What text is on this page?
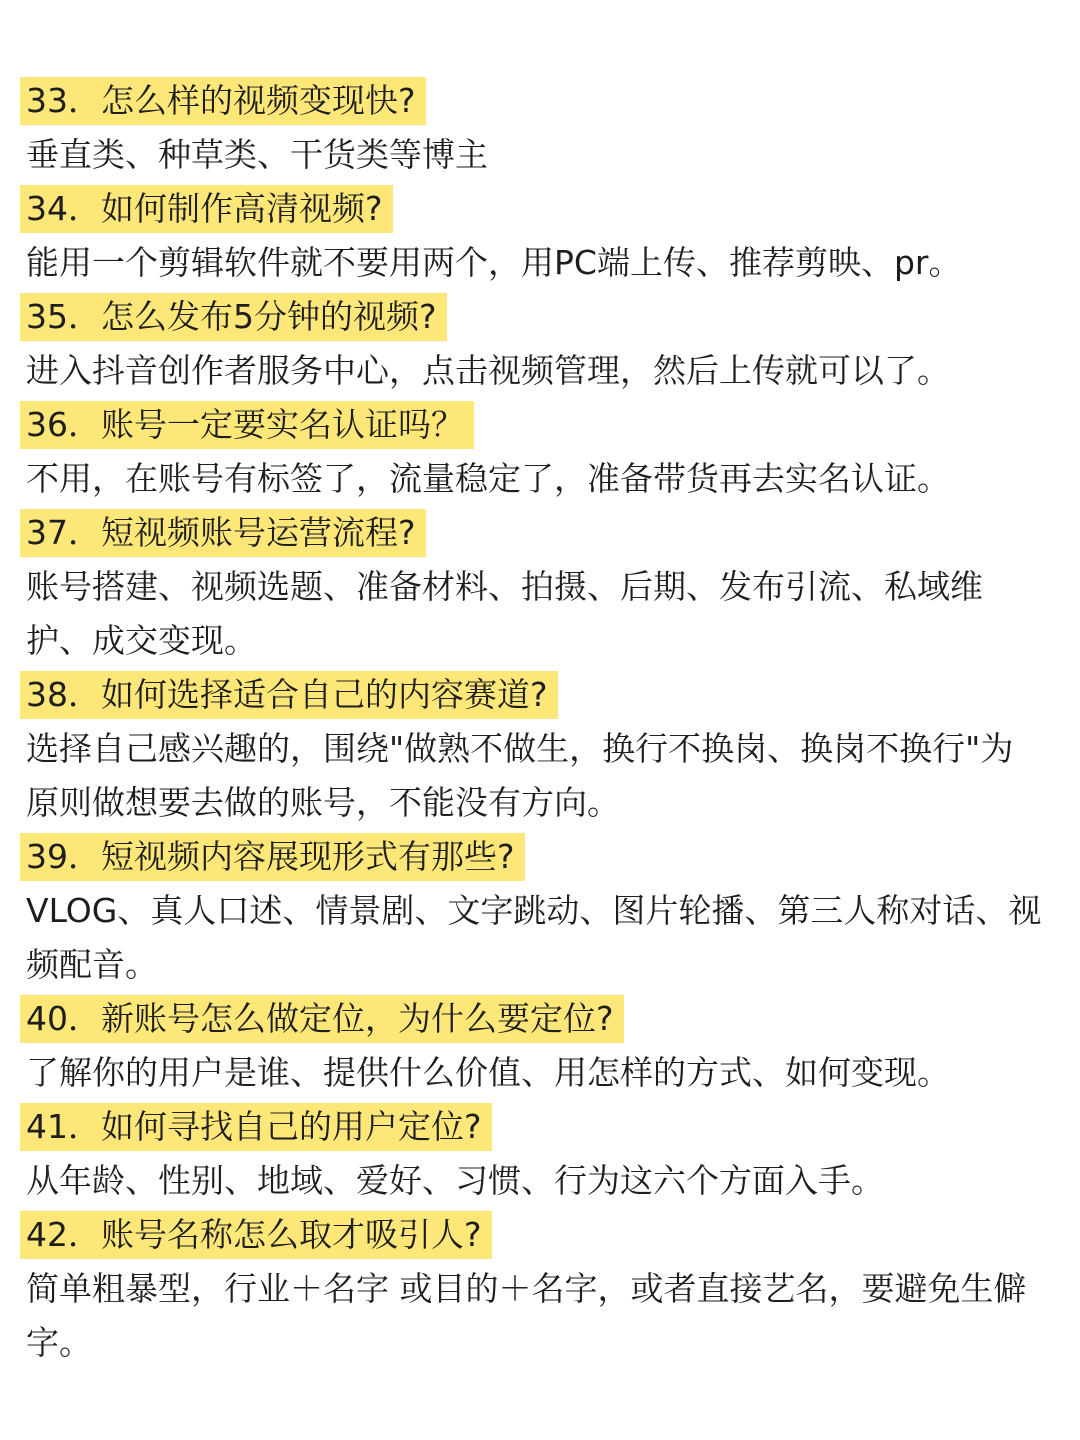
33．怎么样的视频变现快?
垂直类、种草类、干货类等博主
34．如何制作高清视频?
能用一个剪辑软件就不要用两个，用PC端上传、推荐剪映、pr。
35．怎么发布5分钟的视频?
进入抖音创作者服务中心，点击视频管理，然后上传就可以了。
36．账号一定要实名认证吗？
不用，在账号有标签了，流量稳定了，准备带货再去实名认证。
37．短视频账号运营流程?
账号搭建、视频选题、准备材料、拍摄、后期、发布引流、私域维护、成交变现。
38．如何选择适合自己的内容赛道?
选择自己感兴趣的，围绕"做熟不做生，换行不换岗、换岗不换行"为原则做想要去做的账号，不能没有方向。
39．短视频内容展现形式有那些?
VLOG、真人口述、情景剧、文字跳动、图片轮播、第三人称对话、视频配音。
40．新账号怎么做定位，为什么要定位?
了解你的用户是谁、提供什么价值、用怎样的方式、如何变现。
41．如何寻找自己的用户定位?
从年龄、性别、地域、爱好、习惯、行为这六个方面入手。
42．账号名称怎么取才吸引人?
简单粗暴型，行业＋名字 或目的＋名字，或者直接艺名，要避免生僻字。
